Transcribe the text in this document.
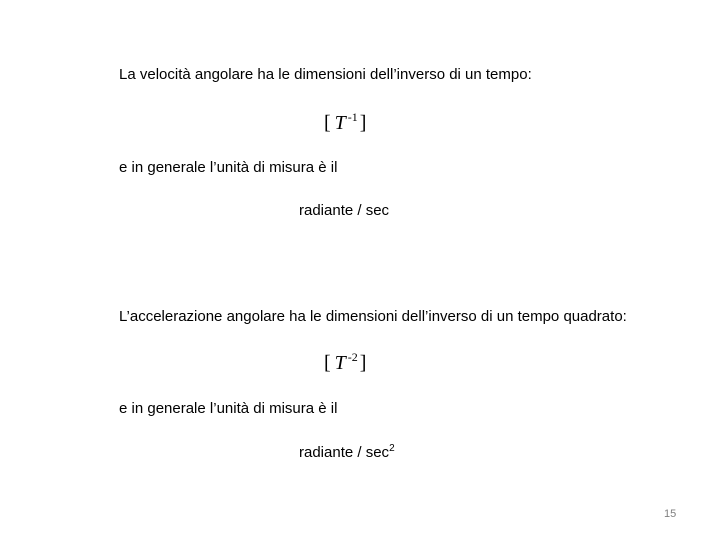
La velocità angolare ha le dimensioni dell’inverso di un tempo:
[ T $^{-1}$ ]
e in generale l’unità di misura è il
radiante / sec
L’accelerazione angolare ha le dimensioni dell’inverso di un tempo quadrato:
[ T $^{-2}$ ]
e in generale l’unità di misura è il
radiante / $\sec^2$
15
